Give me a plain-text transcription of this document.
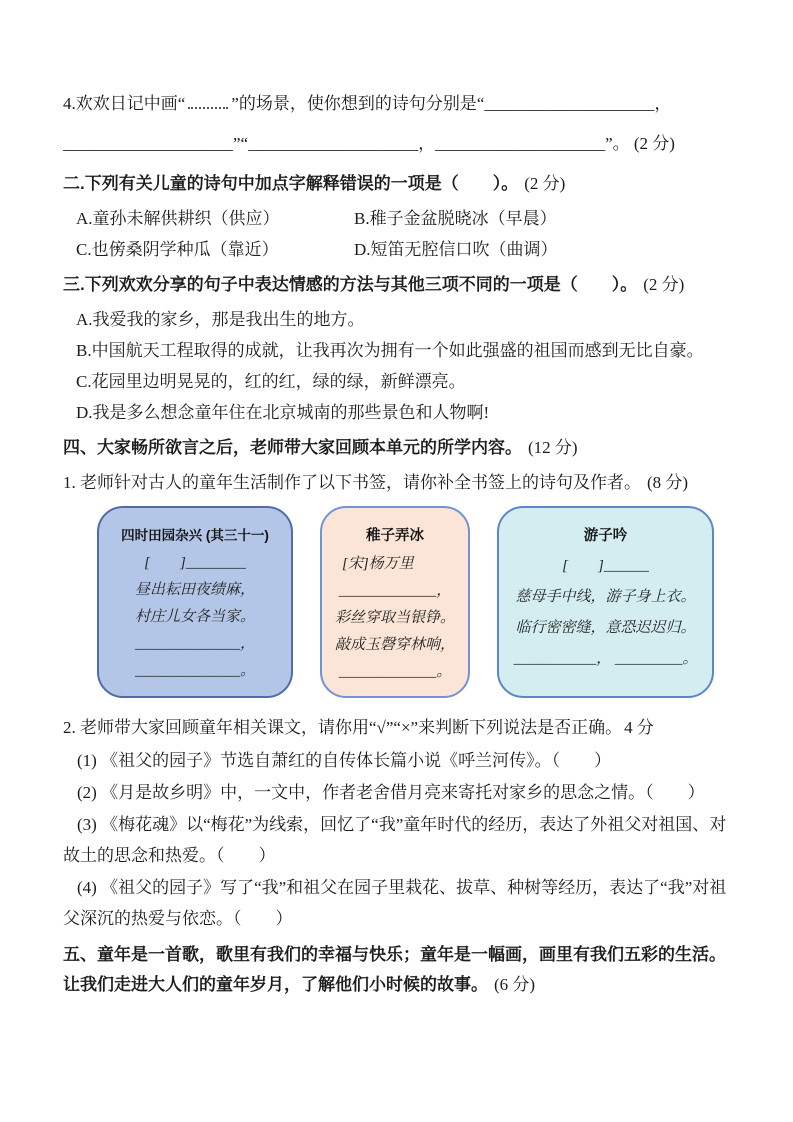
4.欢欢日记中画“	”的场景，使你想到的诗句分别是“____________________，
____________________”“____________________，____________________”。 (2 分)
二.下列有关儿童的诗句中加点字解释错误的一项是（　　）。 (2 分)
A.童孙未解供 •耕织（供应）	B.稚子金盆脱晓 •冰（早晨）
C.也傍 •桑阴学种瓜（靠近）	D.短笛无腔 •信口吹（曲调）
三.下列欢欢分享的句子中表达情感的方法与其他三项不同的一项是（　　）。 (2 分)
A.我爱我的家乡，那是我出生的地方。
B.中国航天工程取得的成就，让我再次为拥有一个如此强盛的祖国而感到无比自豪。
C.花园里边明晃晃的，红的红，绿的绿，新鲜漂亮。
D.我是多么想念童年住在北京城南的那些景色和人物啊!
四、大家畅所欲言之后，老师带大家回顾本单元的所学内容。 (12 分)
1. 老师针对古人的童年生活制作了以下书签，请你补全书签上的诗句及作者。 (8 分)
四时田园杂兴 (其三十一)
[　　]________
昼出耘田夜绩麻，
村庄儿女各当家。
______________，
______________。
稚子弄冰
[宋]杨万里
_____________，
彩丝穿取当银铮。
敲成玉磬穿林响，
_____________。
游子吟
[　　]______
慈母手中线，游子身上衣。
临行密密缝，意恐迟迟归。
___________， _________。
2. 老师带大家回顾童年相关课文，请你用“√”“×”来判断下列说法是否正确。 4 分
(1) 《祖父的园子》节选自萧红的自传体长篇小说《呼兰河传》。（　　）
(2) 《月是故乡明》中，一文中，作者老舍借月亮来寄托对家乡的思念之情。（　　）
(3) 《梅花魂》以“梅花”为线索，回忆了“我”童年时代的经历，表达了外祖父对祖国、对故土的思念和热爱。（　　）
(4) 《祖父的园子》写了“我”和祖父在园子里栽花、拔草、种树等经历，表达了“我”对祖父深沉的热爱与依恋。（　　）
五、童年是一首歌，歌里有我们的幸福与快乐；童年是一幅画，画里有我们五彩的生活。让我们走进大人们的童年岁月，了解他们小时候的故事。 (6 分)
